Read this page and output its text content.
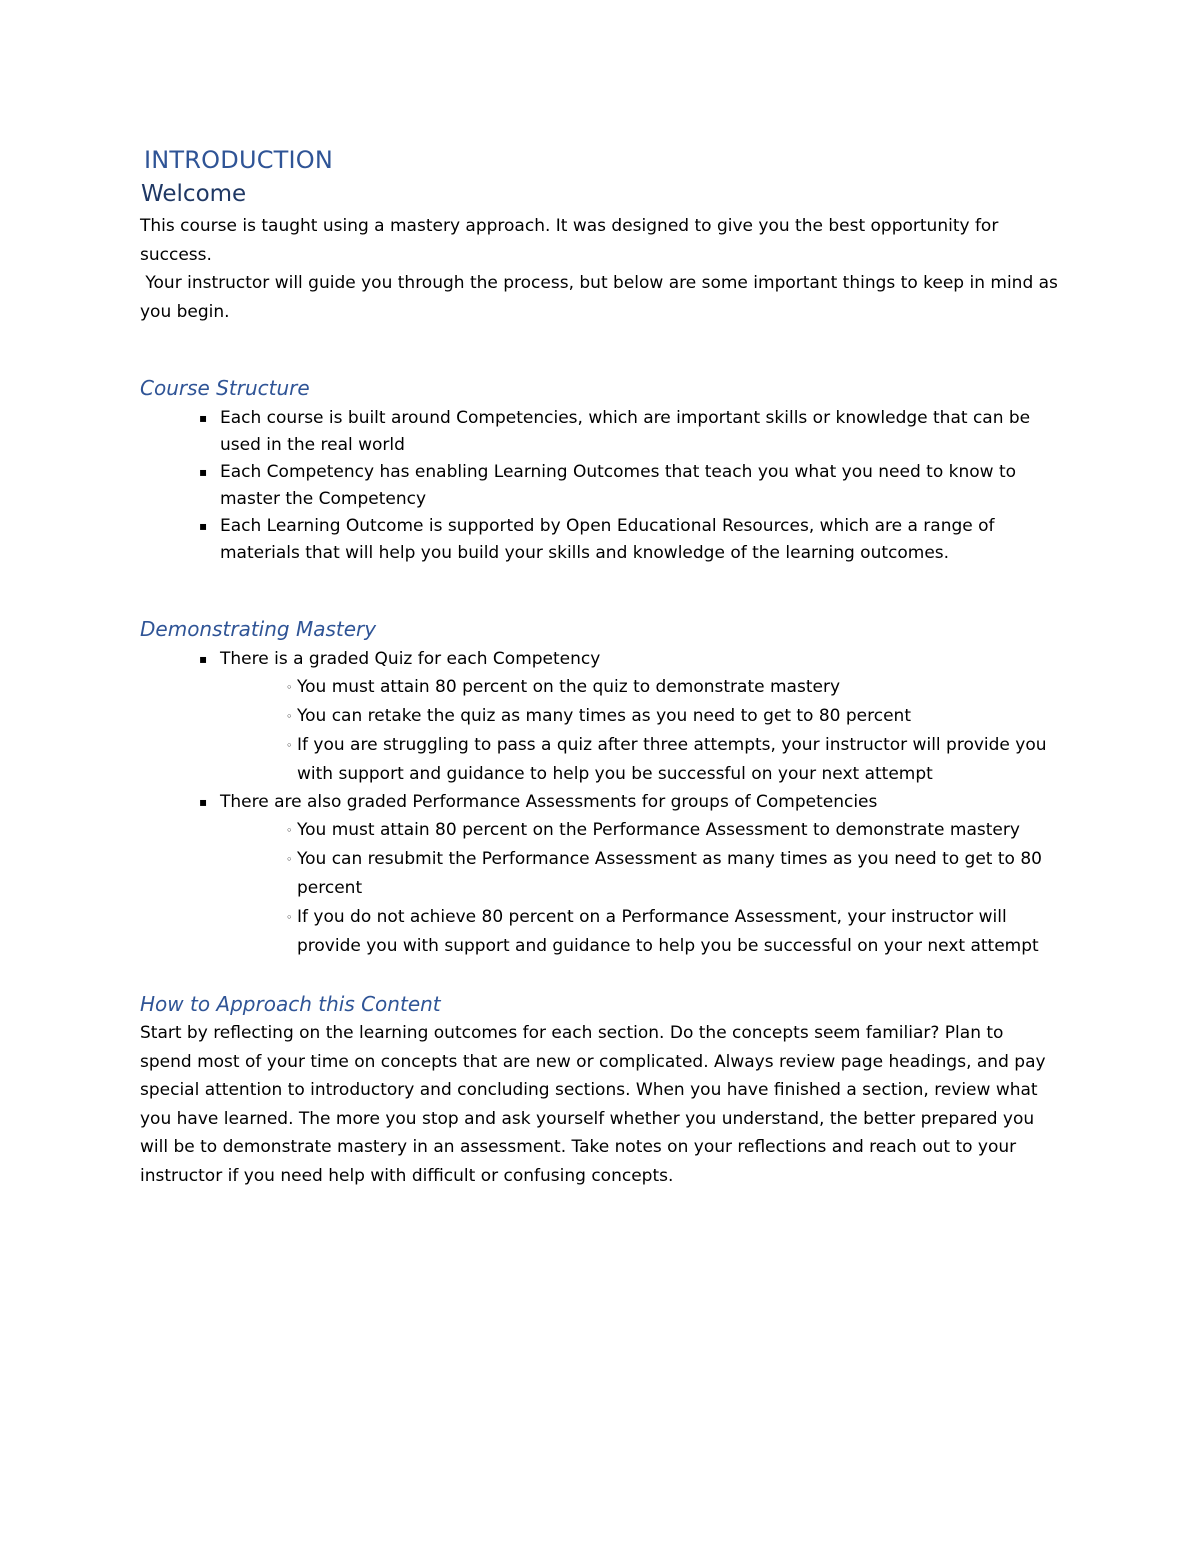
INTRODUCTION
Welcome

This course is taught using a mastery approach. It was designed to give you the best opportunity for success.

Your instructor will guide you through the process, but below are some important things to keep in mind as you begin.

Course Structure
▪ Each course is built around Competencies, which are important skills or knowledge that can be used in the real world
▪ Each Competency has enabling Learning Outcomes that teach you what you need to know to master the Competency
▪ Each Learning Outcome is supported by Open Educational Resources, which are a range of materials that will help you build your skills and knowledge of the learning outcomes.
Demonstrating Mastery
▪ There is a graded Quiz for each Competency
◦ You must attain 80 percent on the quiz to demonstrate mastery
◦ You can retake the quiz as many times as you need to get to 80 percent
◦ If you are struggling to pass a quiz after three attempts, your instructor will provide you with support and guidance to help you be successful on your next attempt
▪ There are also graded Performance Assessments for groups of Competencies
◦ You must attain 80 percent on the Performance Assessment to demonstrate mastery
◦ You can resubmit the Performance Assessment as many times as you need to get to 80 percent
◦ If you do not achieve 80 percent on a Performance Assessment, your instructor will provide you with support and guidance to help you be successful on your next attempt
How to Approach this Content

Start by reflecting on the learning outcomes for each section. Do the concepts seem familiar? Plan to spend most of your time on concepts that are new or complicated. Always review page headings, and pay special attention to introductory and concluding sections. When you have finished a section, review what you have learned. The more you stop and ask yourself whether you understand, the better prepared you will be to demonstrate mastery in an assessment. Take notes on your reflections and reach out to your instructor if you need help with difficult or confusing concepts.
